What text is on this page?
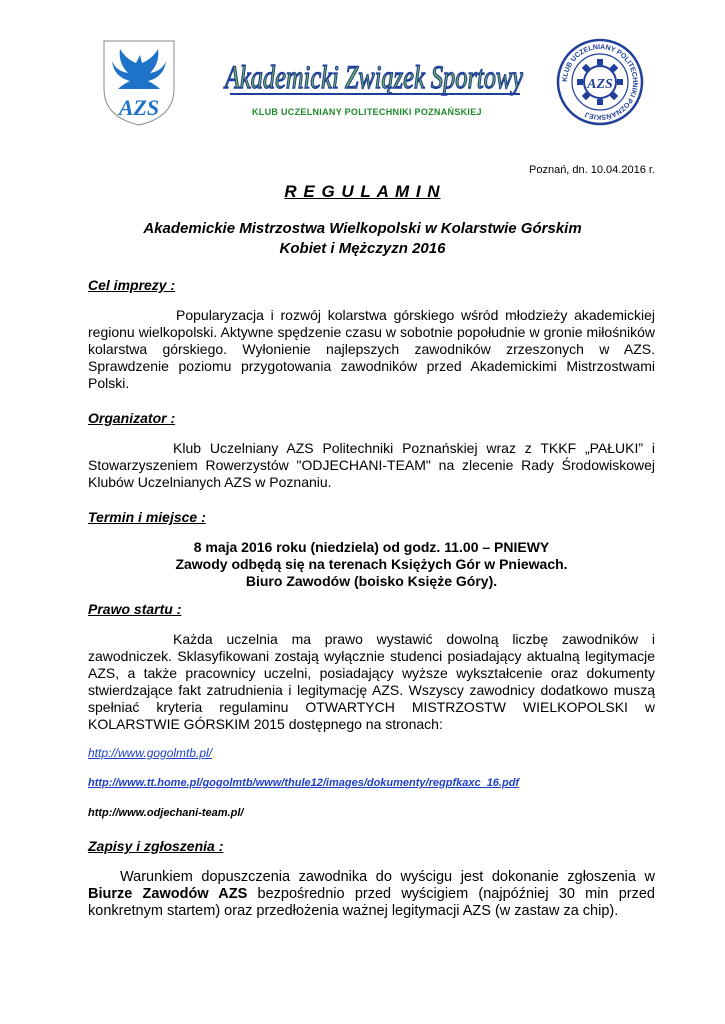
AZS
Akademicki Związek Sportowy
KLUB UCZELNIANY POLITECHNIKI POZNAŃSKIEJ
KLUB UCZELNIANY POLITECHNIKI POZNAŃSKIEJ
AZS
Poznań, dn. 10.04.2016 r.
R E G U L A M I N
Akademickie Mistrzostwa Wielkopolski w Kolarstwie Górskim
Kobiet i Mężczyzn 2016

Cel imprezy :

Popularyzacja i rozwój kolarstwa górskiego wśród młodzieży akademickiej regionu wielkopolski. Aktywne spędzenie czasu w sobotnie popołudnie w gronie miłośników kolarstwa górskiego. Wyłonienie najlepszych zawodników zrzeszonych w AZS. Sprawdzenie poziomu przygotowania zawodników przed Akademickimi Mistrzostwami Polski.

Organizator :

Klub Uczelniany AZS Politechniki Poznańskiej wraz z TKKF „PAŁUKI” i Stowarzyszeniem Rowerzystów "ODJECHANI-TEAM" na zlecenie Rady Środowiskowej Klubów Uczelnianych AZS w Poznaniu.

Termin i miejsce :

8 maja 2016 roku (niedziela) od godz. 11.00 – PNIEWY

Zawody odbędą się na terenach Księżych Gór w Pniewach.

Biuro Zawodów (boisko Księże Góry).

Prawo startu :

Każda uczelnia ma prawo wystawić dowolną liczbę zawodników i zawodniczek. Sklasyfikowani zostają wyłącznie studenci posiadający aktualną legitymacje AZS, a także pracownicy uczelni, posiadający wyższe wykształcenie oraz dokumenty stwierdzające fakt zatrudnienia i legitymację AZS. Wszyscy zawodnicy dodatkowo muszą spełniać kryteria regulaminu OTWARTYCH MISTRZOSTW WIELKOPOLSKI w KOLARSTWIE GÓRSKIM 2015 dostępnego na stronach:

http://www.gogolmtb.pl/
http://www.tt.home.pl/gogolmtb/www/thule12/images/dokumenty/regpfkaxc_16.pdf
http://www.odjechani-team.pl/

Zapisy i zgłoszenia :

Warunkiem dopuszczenia zawodnika do wyścigu jest dokonanie zgłoszenia w Biurze Zawodów AZS bezpośrednio przed wyścigiem (najpóźniej 30 min przed konkretnym startem) oraz przedłożenia ważnej legitymacji AZS (w zastaw za chip).
